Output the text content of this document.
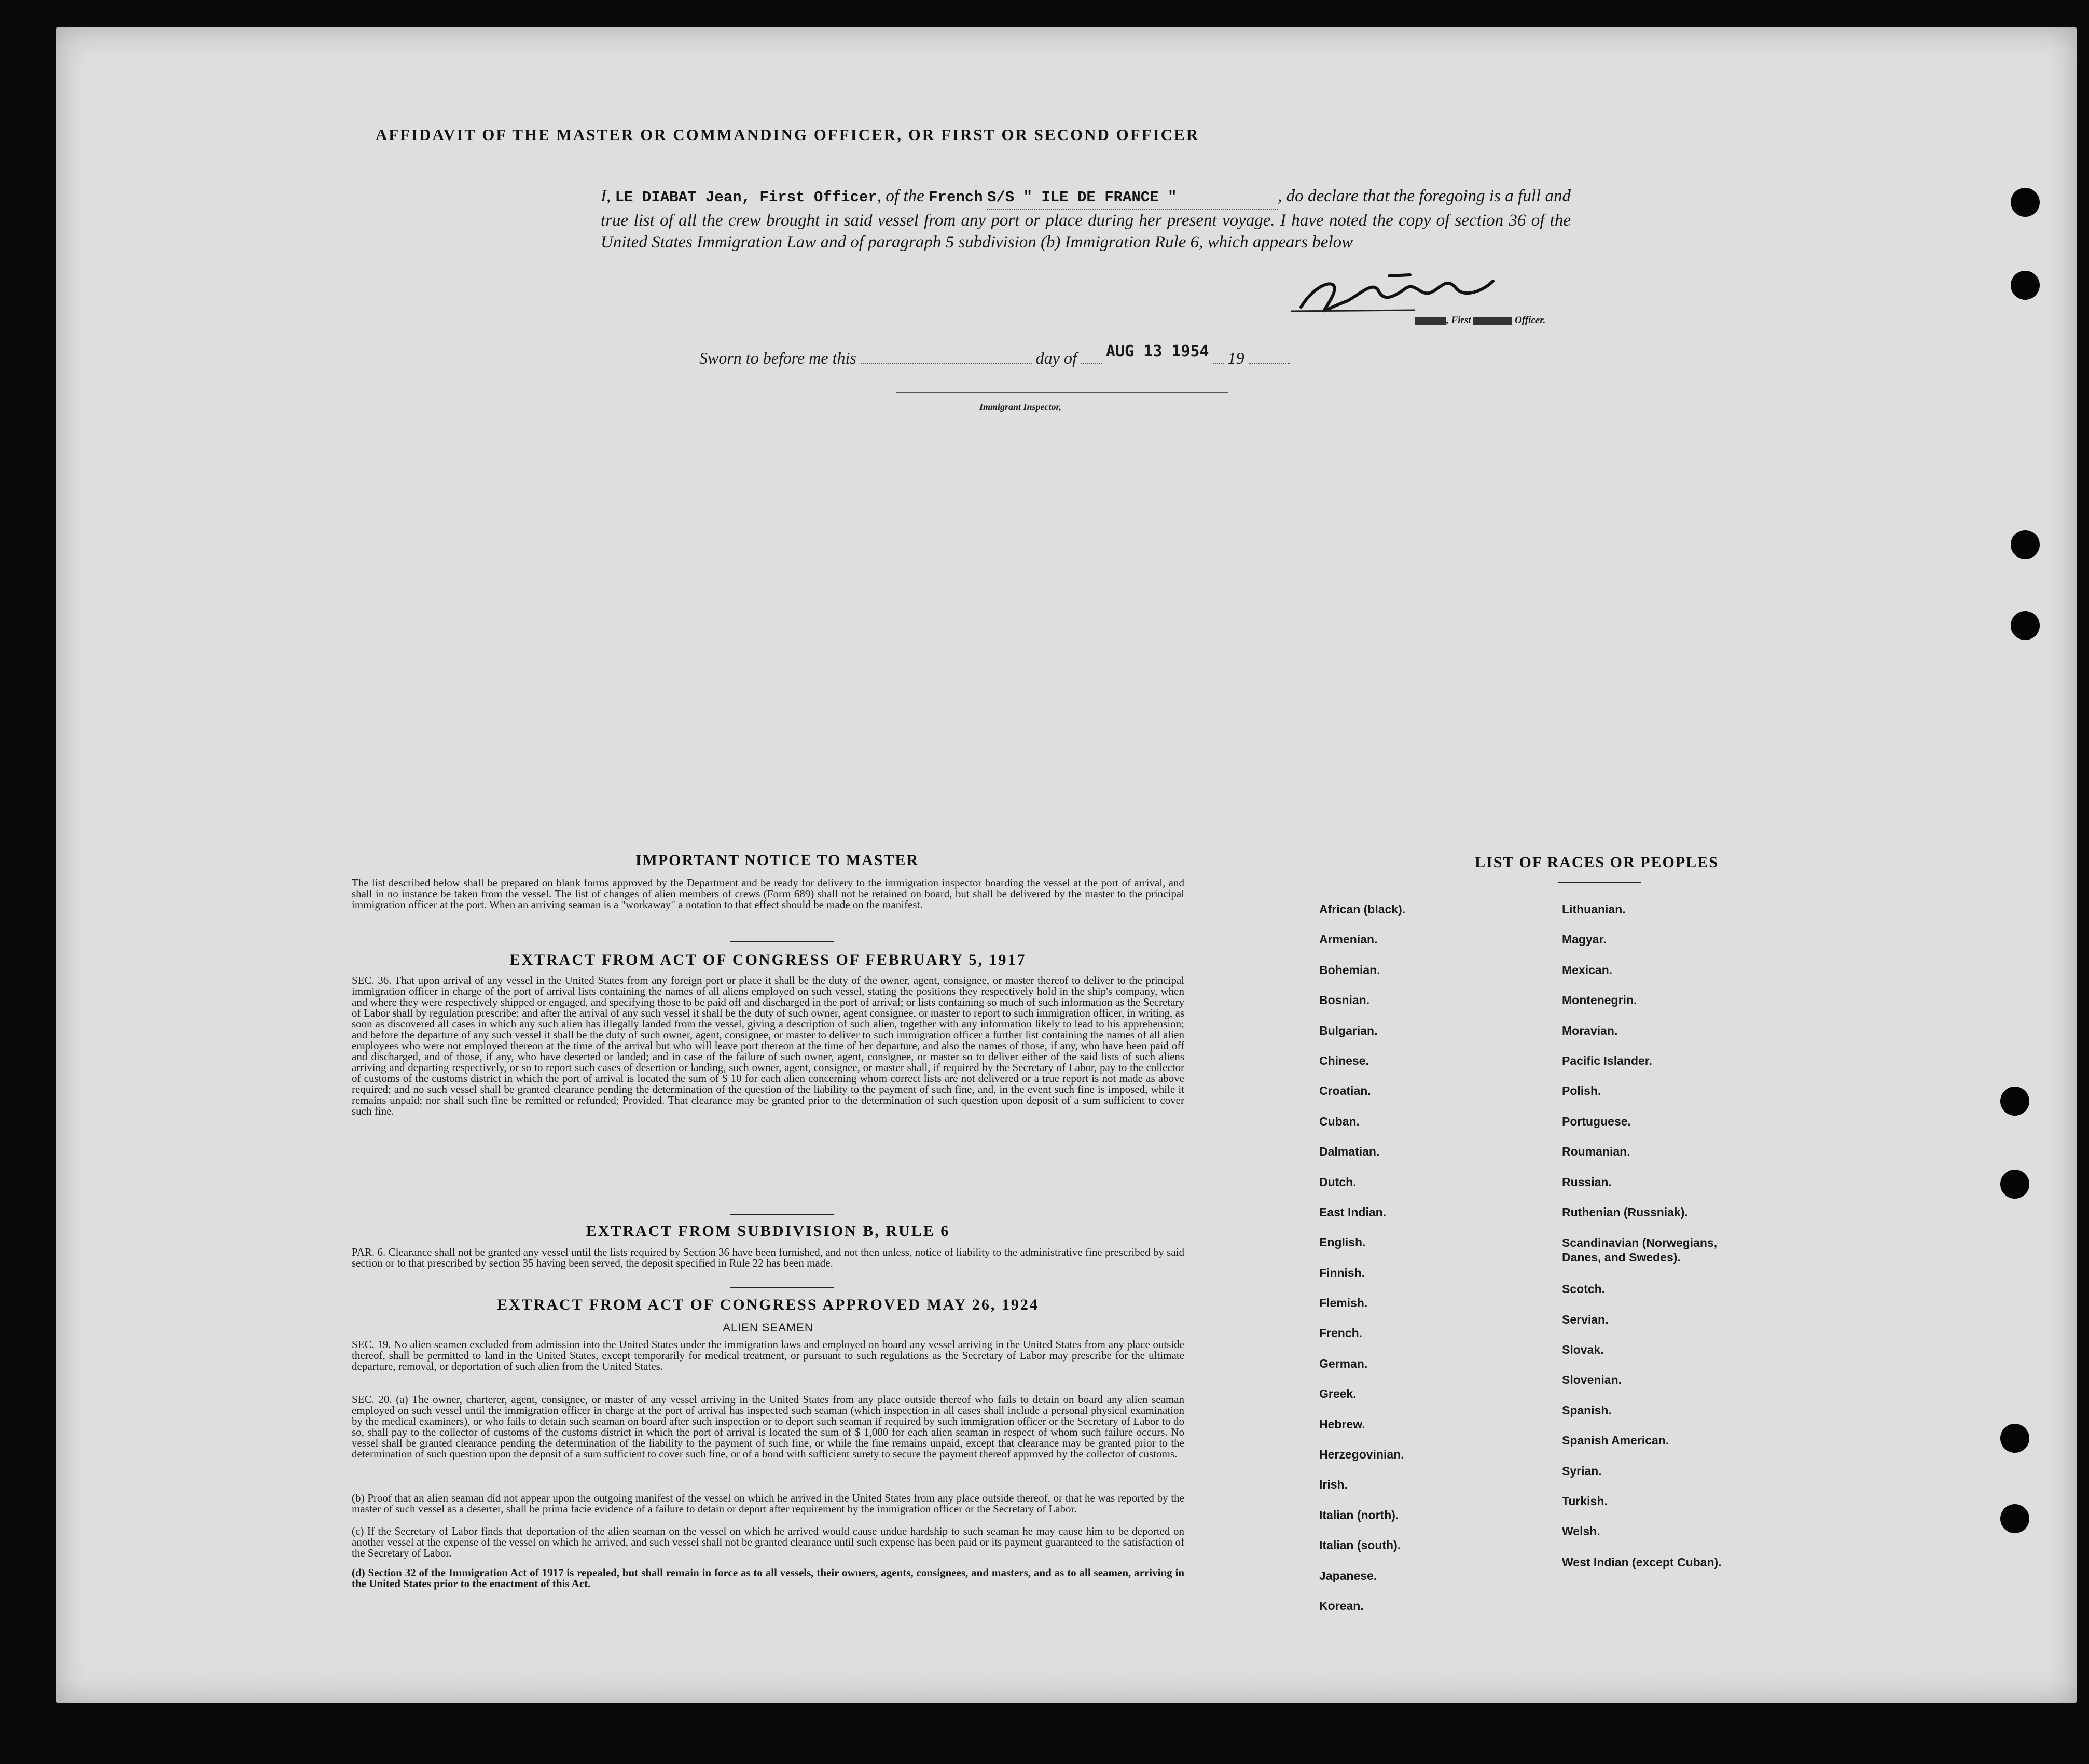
AFFIDAVIT OF THE MASTER OR COMMANDING OFFICER, OR FIRST OR SECOND OFFICER
I, LE DIABAT Jean, First Officer, of the French S/S " ILE DE FRANCE "	, do declare that the foregoing is a full and true list of all the crew brought in said vessel from any port or place during her present voyage. I have noted the copy of section 36 of the United States Immigration Law and of paragraph 5 subdivision (b) Immigration Rule 6, which appears below
, First	Officer.
Sworn to before me this	day of AUG 13 1954 19
Immigrant Inspector,
IMPORTANT NOTICE TO MASTER
The list described below shall be prepared on blank forms approved by the Department and be ready for delivery to the immigration inspector boarding the vessel at the port of arrival, and shall in no instance be taken from the vessel. The list of changes of alien members of crews (Form 689) shall not be retained on board, but shall be delivered by the master to the principal immigration officer at the port. When an arriving seaman is a "workaway" a notation to that effect should be made on the manifest.
EXTRACT FROM ACT OF CONGRESS OF FEBRUARY 5, 1917
SEC. 36. That upon arrival of any vessel in the United States from any foreign port or place it shall be the duty of the owner, agent, consignee, or master thereof to deliver to the principal immigration officer in charge of the port of arrival lists containing the names of all aliens employed on such vessel, stating the positions they respectively hold in the ship's company, when and where they were respectively shipped or engaged, and specifying those to be paid off and discharged in the port of arrival; or lists containing so much of such information as the Secretary of Labor shall by regulation prescribe; and after the arrival of any such vessel it shall be the duty of such owner, agent consignee, or master to report to such immigration officer, in writing, as soon as discovered all cases in which any such alien has illegally landed from the vessel, giving a description of such alien, together with any information likely to lead to his apprehension; and before the departure of any such vessel it shall be the duty of such owner, agent, consignee, or master to deliver to such immigration officer a further list containing the names of all alien employees who were not employed thereon at the time of the arrival but who will leave port thereon at the time of her departure, and also the names of those, if any, who have been paid off and discharged, and of those, if any, who have deserted or landed; and in case of the failure of such owner, agent, consignee, or master so to deliver either of the said lists of such aliens arriving and departing respectively, or so to report such cases of desertion or landing, such owner, agent, consignee, or master shall, if required by the Secretary of Labor, pay to the collector of customs of the customs district in which the port of arrival is located the sum of $ 10 for each alien concerning whom correct lists are not delivered or a true report is not made as above required; and no such vessel shall be granted clearance pending the determination of the question of the liability to the payment of such fine, and, in the event such fine is imposed, while it remains unpaid; nor shall such fine be remitted or refunded; Provided. That clearance may be granted prior to the determination of such question upon deposit of a sum sufficient to cover such fine.
EXTRACT FROM SUBDIVISION B, RULE 6
PAR. 6. Clearance shall not be granted any vessel until the lists required by Section 36 have been furnished, and not then unless, notice of liability to the administrative fine prescribed by said section or to that prescribed by section 35 having been served, the deposit specified in Rule 22 has been made.
EXTRACT FROM ACT OF CONGRESS APPROVED MAY 26, 1924
ALIEN SEAMEN
SEC. 19. No alien seamen excluded from admission into the United States under the immigration laws and employed on board any vessel arriving in the United States from any place outside thereof, shall be permitted to land in the United States, except temporarily for medical treatment, or pursuant to such regulations as the Secretary of Labor may prescribe for the ultimate departure, removal, or deportation of such alien from the United States.
SEC. 20. (a) The owner, charterer, agent, consignee, or master of any vessel arriving in the United States from any place outside thereof who fails to detain on board any alien seaman employed on such vessel until the immigration officer in charge at the port of arrival has inspected such seaman (which inspection in all cases shall include a personal physical examination by the medical examiners), or who fails to detain such seaman on board after such inspection or to deport such seaman if required by such immigration officer or the Secretary of Labor to do so, shall pay to the collector of customs of the customs district in which the port of arrival is located the sum of $ 1,000 for each alien seaman in respect of whom such failure occurs. No vessel shall be granted clearance pending the determination of the liability to the payment of such fine, or while the fine remains unpaid, except that clearance may be granted prior to the determination of such question upon the deposit of a sum sufficient to cover such fine, or of a bond with sufficient surety to secure the payment thereof approved by the collector of customs.
(b) Proof that an alien seaman did not appear upon the outgoing manifest of the vessel on which he arrived in the United States from any place outside thereof, or that he was reported by the master of such vessel as a deserter, shall be prima facie evidence of a failure to detain or deport after requirement by the immigration officer or the Secretary of Labor.
(c) If the Secretary of Labor finds that deportation of the alien seaman on the vessel on which he arrived would cause undue hardship to such seaman he may cause him to be deported on another vessel at the expense of the vessel on which he arrived, and such vessel shall not be granted clearance until such expense has been paid or its payment guaranteed to the satisfaction of the Secretary of Labor.
(d) Section 32 of the Immigration Act of 1917 is repealed, but shall remain in force as to all vessels, their owners, agents, consignees, and masters, and as to all seamen, arriving in the United States prior to the enactment of this Act.
LIST OF RACES OR PEOPLES
African (black).
Armenian.
Bohemian.
Bosnian.
Bulgarian.
Chinese.
Croatian.
Cuban.
Dalmatian.
Dutch.
East Indian.
English.
Finnish.
Flemish.
French.
German.
Greek.
Hebrew.
Herzegovinian.
Irish.
Italian (north).
Italian (south).
Japanese.
Korean.
Lithuanian.
Magyar.
Mexican.
Montenegrin.
Moravian.
Pacific Islander.
Polish.
Portuguese.
Roumanian.
Russian.
Ruthenian (Russniak).
Scandinavian (Norwegians, Danes, and Swedes).
Scotch.
Servian.
Slovak.
Slovenian.
Spanish.
Spanish American.
Syrian.
Turkish.
Welsh.
West Indian (except Cuban).
